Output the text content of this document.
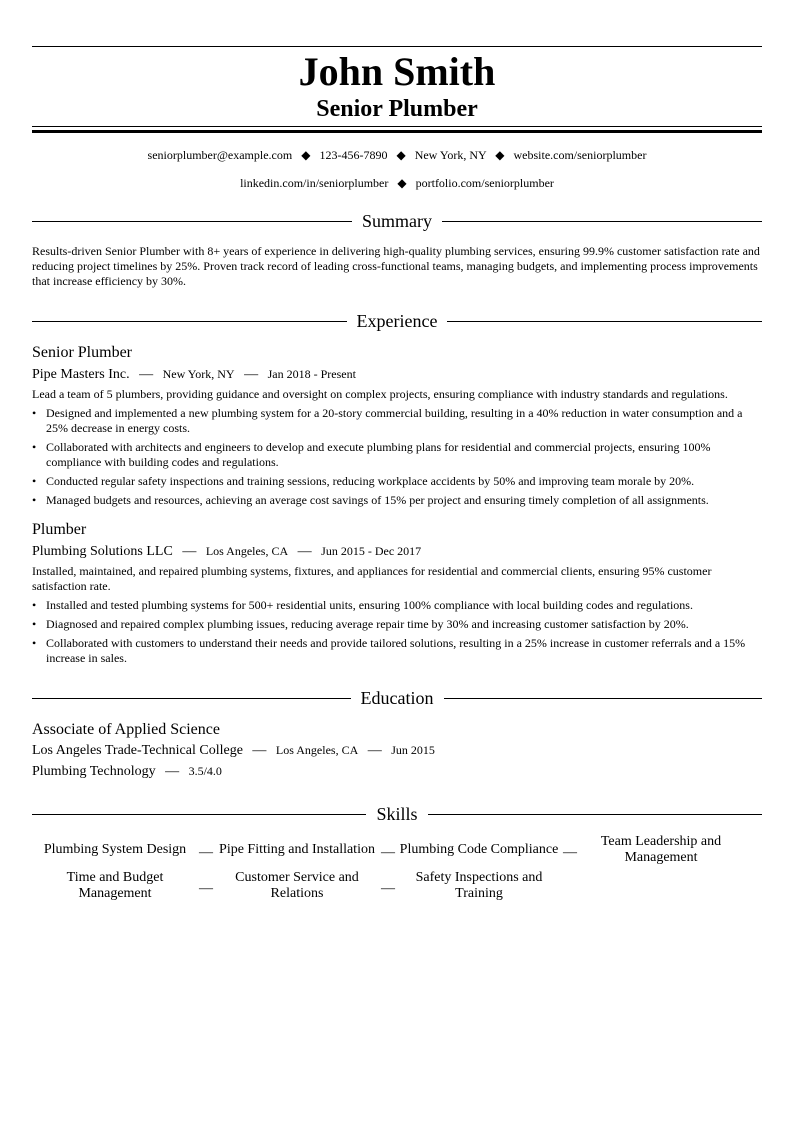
John Smith
Senior Plumber
seniorplumber@example.com ◆ 123-456-7890 ◆ New York, NY ◆ website.com/seniorplumber
linkedin.com/in/seniorplumber ◆ portfolio.com/seniorplumber
Summary
Results-driven Senior Plumber with 8+ years of experience in delivering high-quality plumbing services, ensuring 99.9% customer satisfaction rate and reducing project timelines by 25%. Proven track record of leading cross-functional teams, managing budgets, and implementing process improvements that increase efficiency by 30%.
Experience
Senior Plumber
Pipe Masters Inc. — New York, NY — Jan 2018 - Present
Lead a team of 5 plumbers, providing guidance and oversight on complex projects, ensuring compliance with industry standards and regulations.
• Designed and implemented a new plumbing system for a 20-story commercial building, resulting in a 40% reduction in water consumption and a 25% decrease in energy costs.
• Collaborated with architects and engineers to develop and execute plumbing plans for residential and commercial projects, ensuring 100% compliance with building codes and regulations.
• Conducted regular safety inspections and training sessions, reducing workplace accidents by 50% and improving team morale by 20%.
• Managed budgets and resources, achieving an average cost savings of 15% per project and ensuring timely completion of all assignments.
Plumber
Plumbing Solutions LLC — Los Angeles, CA — Jun 2015 - Dec 2017
Installed, maintained, and repaired plumbing systems, fixtures, and appliances for residential and commercial clients, ensuring 95% customer satisfaction rate.
• Installed and tested plumbing systems for 500+ residential units, ensuring 100% compliance with local building codes and regulations.
• Diagnosed and repaired complex plumbing issues, reducing average repair time by 30% and increasing customer satisfaction by 20%.
• Collaborated with customers to understand their needs and provide tailored solutions, resulting in a 25% increase in customer referrals and a 15% increase in sales.
Education
Associate of Applied Science
Los Angeles Trade-Technical College — Los Angeles, CA — Jun 2015
Plumbing Technology — 3.5/4.0
Skills
Plumbing System Design — Pipe Fitting and Installation — Plumbing Code Compliance —
Team Leadership and Management
Time and Budget Management	—
Customer Service and Relations	—
Safety Inspections and Training
